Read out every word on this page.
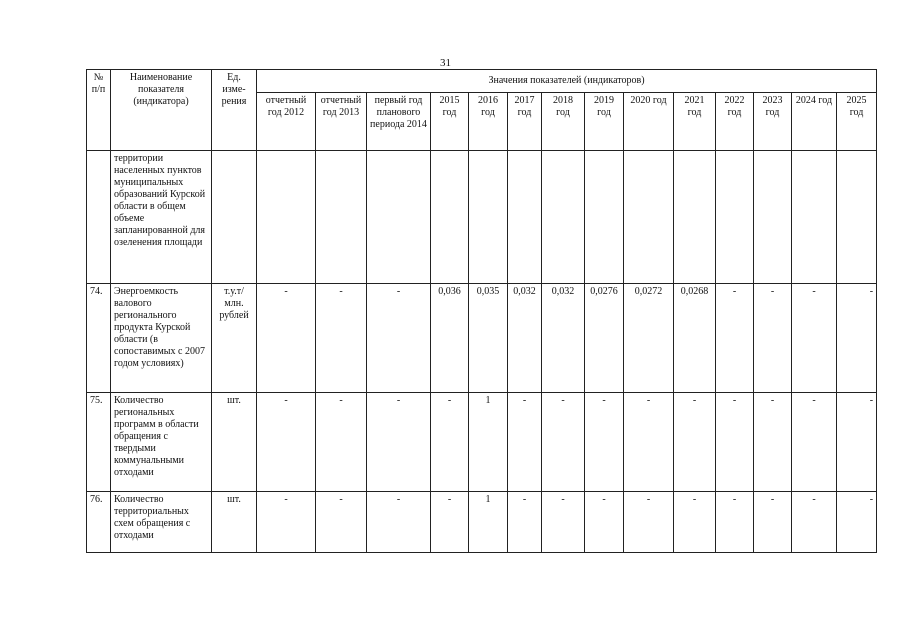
31
№ п/п	Наименование показателя (индикатора)	Ед. изме-рения	Значения показателей (индикаторов)													
			отчетный год 2012	отчетный год 2013	первый год планового периода 2014	2015 год	2016 год	2017 год	2018 год	2019 год	2020 год	2021 год	2022 год	2023 год	2024 год	2025 год
	территории населенных пунктов муниципальных образований Курской области в общем объеме запланированной для озеленения площади															
74.	Энергоемкость валового регионального продукта Курской области (в сопоставимых с 2007 годом условиях)	т.у.т/ млн. рублей	-	-	-	0,036	0,035	0,032	0,032	0,0276	0,0272	0,0268	-	-	-	-
75.	Количество региональных программ в области обращения с твердыми коммунальными отходами	шт.	-	-	-	-	1	-	-	-	-	-	-	-	-	-
76.	Количество территориальных схем обращения с отходами	шт.	-	-	-	-	1	-	-	-	-	-	-	-	-	-
